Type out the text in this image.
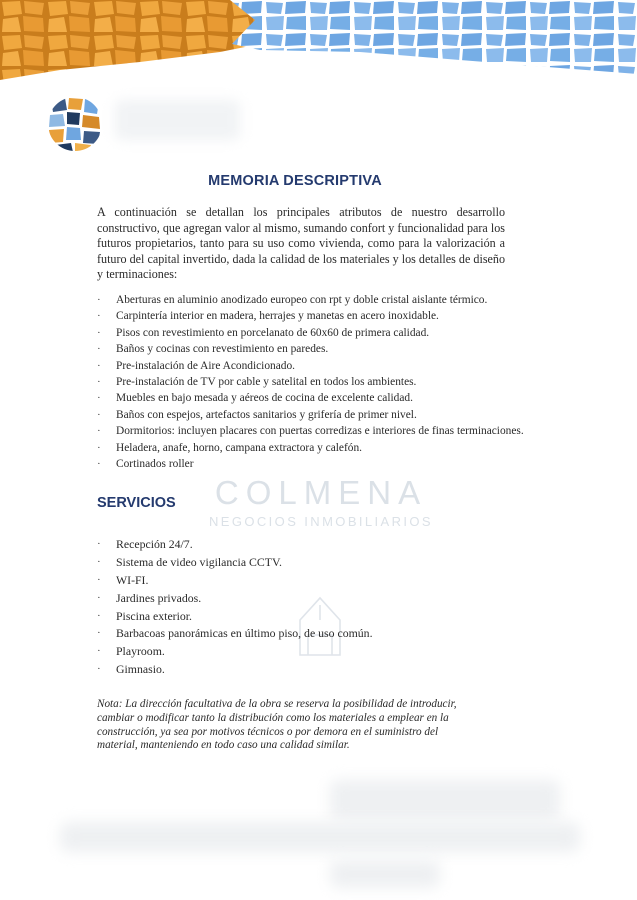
COLMENA
NEGOCIOS INMOBILIARIOS
MEMORIA DESCRIPTIVA
A continuación se detallan los principales atributos de nuestro desarrollo constructivo, que agregan valor al mismo, sumando confort y funcionalidad para los futuros propietarios, tanto para su uso como vivienda, como para la valorización a futuro del capital invertido, dada la calidad de los materiales y los detalles de diseño y terminaciones:
· Aberturas en aluminio anodizado europeo con rpt y doble cristal aislante térmico.
· Carpintería interior en madera, herrajes y manetas en acero inoxidable.
· Pisos con revestimiento en porcelanato de 60x60 de primera calidad.
· Baños y cocinas con revestimiento en paredes.
· Pre-instalación de Aire Acondicionado.
· Pre-instalación de TV por cable y satelital en todos los ambientes.
· Muebles en bajo mesada y aéreos de cocina de excelente calidad.
· Baños con espejos, artefactos sanitarios y grifería de primer nivel.
· Dormitorios: incluyen placares con puertas corredizas e interiores de finas terminaciones.
· Heladera, anafe, horno, campana extractora y calefón.
· Cortinados roller
SERVICIOS
· Recepción 24/7.
· Sistema de video vigilancia CCTV.
· WI-FI.
· Jardines privados.
· Piscina exterior.
· Barbacoas panorámicas en último piso, de uso común.
· Playroom.
· Gimnasio.
Nota: La dirección facultativa de la obra se reserva la posibilidad de introducir, cambiar o modificar tanto la distribución como los materiales a emplear en la construcción, ya sea por motivos técnicos o por demora en el suministro del material, manteniendo en todo caso una calidad similar.
